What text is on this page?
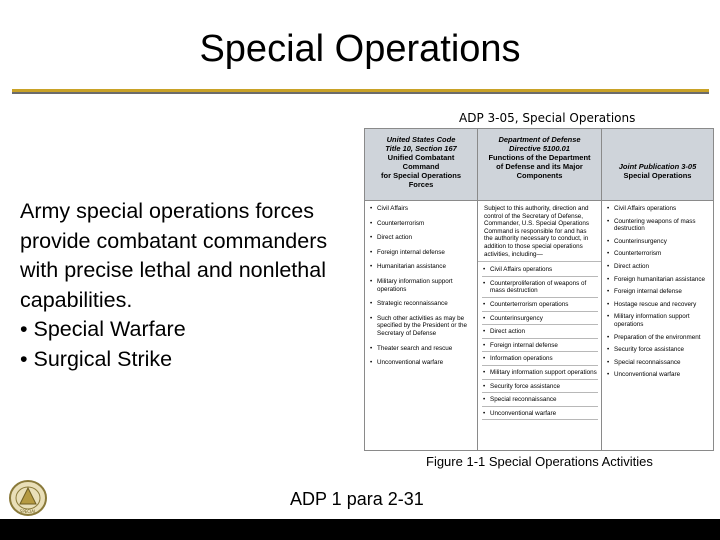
Special Operations
Army special operations forces
provide combatant commanders
with precise lethal and nonlethal
capabilities.
• Special Warfare
• Surgical Strike
ADP 3-05, Special Operations
United States Code
Title 10, Section 167
Unified Combatant
Command
for Special Operations
Forces
• Civil Affairs
• Counterterrorism
• Direct action
• Foreign internal defense
• Humanitarian assistance
• Military information support operations
• Strategic reconnaissance
• Such other activities as may be specified by the President or the Secretary of Defense
• Theater search and rescue
• Unconventional warfare
Department of Defense
Directive 5100.01
Functions of the Department
of Defense and its Major
Components
Subject to this authority, direction and control of the Secretary of Defense, Commander, U.S. Special Operations Command is responsible for and has the authority necessary to conduct, in addition to those special operations activities, including—
• Civil Affairs operations
• Counterproliferation of weapons of mass destruction
• Counterterrorism operations
• Counterinsurgency
• Direct action
• Foreign internal defense
• Information operations
• Military information support operations
• Security force assistance
• Special reconnaissance
• Unconventional warfare
Joint Publication 3-05
Special Operations
• Civil Affairs operations
• Countering weapons of mass destruction
• Counterinsurgency
• Counterterrorism
• Direct action
• Foreign humanitarian assistance
• Foreign internal defense
• Hostage rescue and recovery
• Military information support operations
• Preparation of the environment
• Security force assistance
• Special reconnaissance
• Unconventional warfare
Figure 1-1 Special Operations Activities
SPECIAL
ADP 1 para 2-31
